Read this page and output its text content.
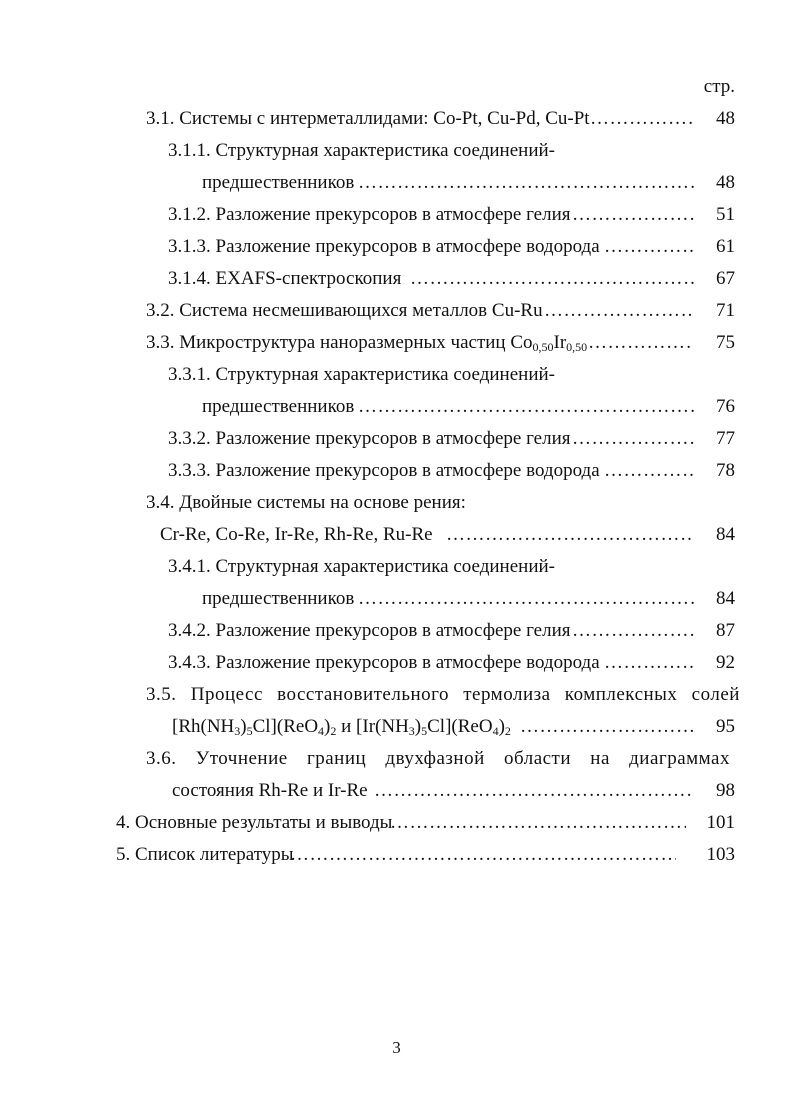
стр.
3.1. Системы с интерметаллидами: Co-Pt, Cu-Pd, Cu-Pt ……………………………………………………………………………………………………………………………………………………………	48
3.1.1. Структурная характеристика соединений-
предшественников ……………………………………………………………………………………………………………………………………………………………	48
3.1.2. Разложение прекурсоров в атмосфере гелия ……………………………………………………………………………………………………………………………………………………………	51
3.1.3. Разложение прекурсоров в атмосфере водорода ……………………………………………………………………………………………………………………………………………………………	61
3.1.4. EXAFS-спектроскопия ……………………………………………………………………………………………………………………………………………………………	67
3.2. Система несмешивающихся металлов Cu-Ru ……………………………………………………………………………………………………………………………………………………………	71
3.3. Микроструктура наноразмерных частиц $Co_{0,50}Ir_{0,50}$ ……………………………………………………………………………………………………………………………………………………………	75
3.3.1. Структурная характеристика соединений-
предшественников ……………………………………………………………………………………………………………………………………………………………	76
3.3.2. Разложение прекурсоров в атмосфере гелия ……………………………………………………………………………………………………………………………………………………………	77
3.3.3. Разложение прекурсоров в атмосфере водорода ……………………………………………………………………………………………………………………………………………………………	78
3.4. Двойные системы на основе рения:
Cr-Re, Co-Re, Ir-Re, Rh-Re, Ru-Re ……………………………………………………………………………………………………………………………………………………………	84
3.4.1. Структурная характеристика соединений-
предшественников ……………………………………………………………………………………………………………………………………………………………	84
3.4.2. Разложение прекурсоров в атмосфере гелия ……………………………………………………………………………………………………………………………………………………………	87
3.4.3. Разложение прекурсоров в атмосфере водорода ……………………………………………………………………………………………………………………………………………………………	92
3.5. Процесс восстановительного термолиза комплексных солей
$[Rh(NH_3)_5Cl](ReO_4)_2$ и $[Ir(NH_3)_5Cl](ReO_4)_2$ ……………………………………………………………………………………………………………………………………………………………	95
3.6. Уточнение границ двухфазной области на диаграммах
состояния Rh-Re и Ir-Re ……………………………………………………………………………………………………………………………………………………………	98
4. Основные результаты и выводы ……………………………………………………………………………………………………………………………………………………………	101
5. Список литературы ……………………………………………………………………………………………………………………………………………………………	103
3
